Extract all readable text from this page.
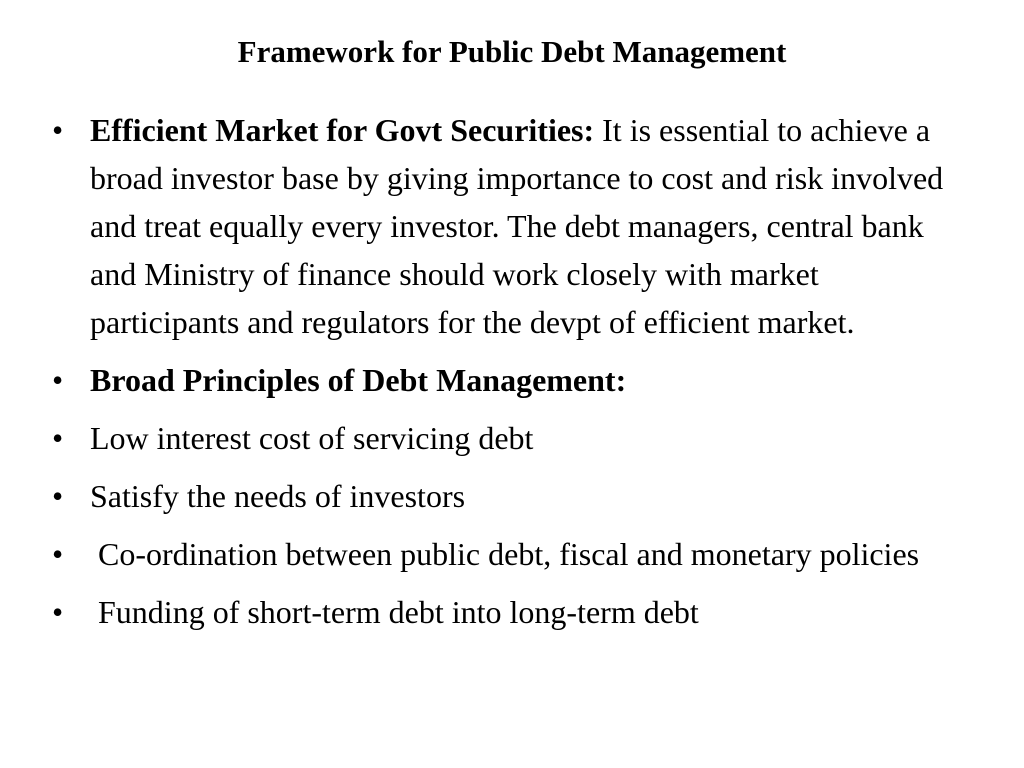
Framework for Public Debt Management
• Efficient Market for Govt Securities: It is essential to achieve a broad investor base by giving importance to cost and risk involved and treat equally every investor. The debt managers, central bank and Ministry of finance should work closely with market participants and regulators for the devpt of efficient market.
• Broad Principles of Debt Management:
• Low interest cost of servicing debt
• Satisfy the needs of investors
• Co-ordination between public debt, fiscal and monetary policies
• Funding of short-term debt into long-term debt
